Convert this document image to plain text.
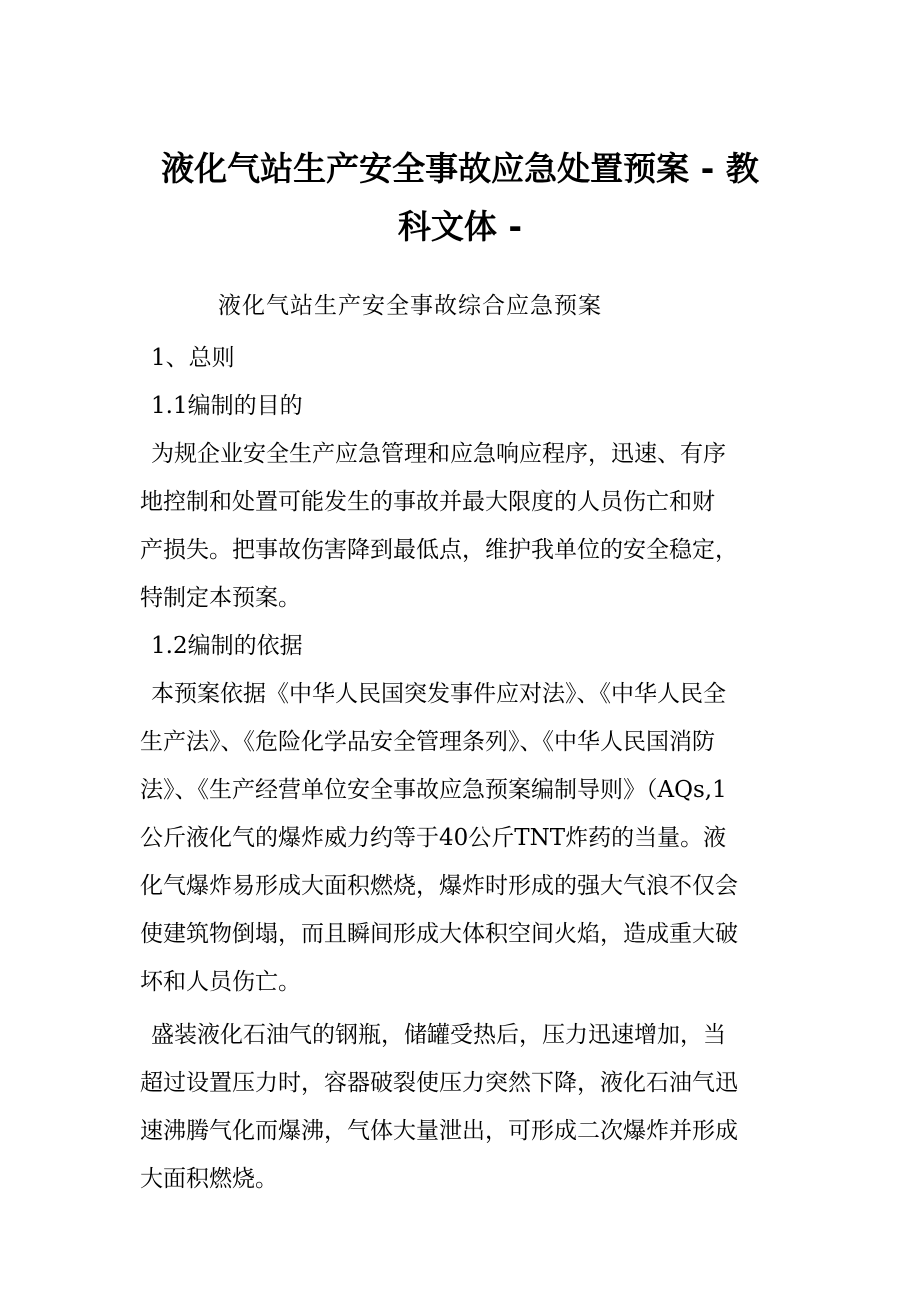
液化气站生产安全事故应急处置预案 - 教
科文体 -
液化气站生产安全事故综合应急预案
1、总则
1.1编制的目的
为规企业安全生产应急管理和应急响应程序，迅速、有序
地控制和处置可能发生的事故并最大限度的人员伤亡和财
产损失。把事故伤害降到最低点，维护我单位的安全稳定，
特制定本预案。
1.2编制的依据
本预案依据《中华人民国突发事件应对法》、《中华人民全
生产法》、《危险化学品安全管理条列》、《中华人民国消防
法》、《生产经营单位安全事故应急预案编制导则》（AQs,1
公斤液化气的爆炸威力约等于40公斤TNT炸药的当量。液
化气爆炸易形成大面积燃烧，爆炸时形成的强大气浪不仅会
使建筑物倒塌，而且瞬间形成大体积空间火焰，造成重大破
坏和人员伤亡。
盛装液化石油气的钢瓶，储罐受热后，压力迅速增加，当
超过设置压力时，容器破裂使压力突然下降，液化石油气迅
速沸腾气化而爆沸，气体大量泄出，可形成二次爆炸并形成
大面积燃烧。
